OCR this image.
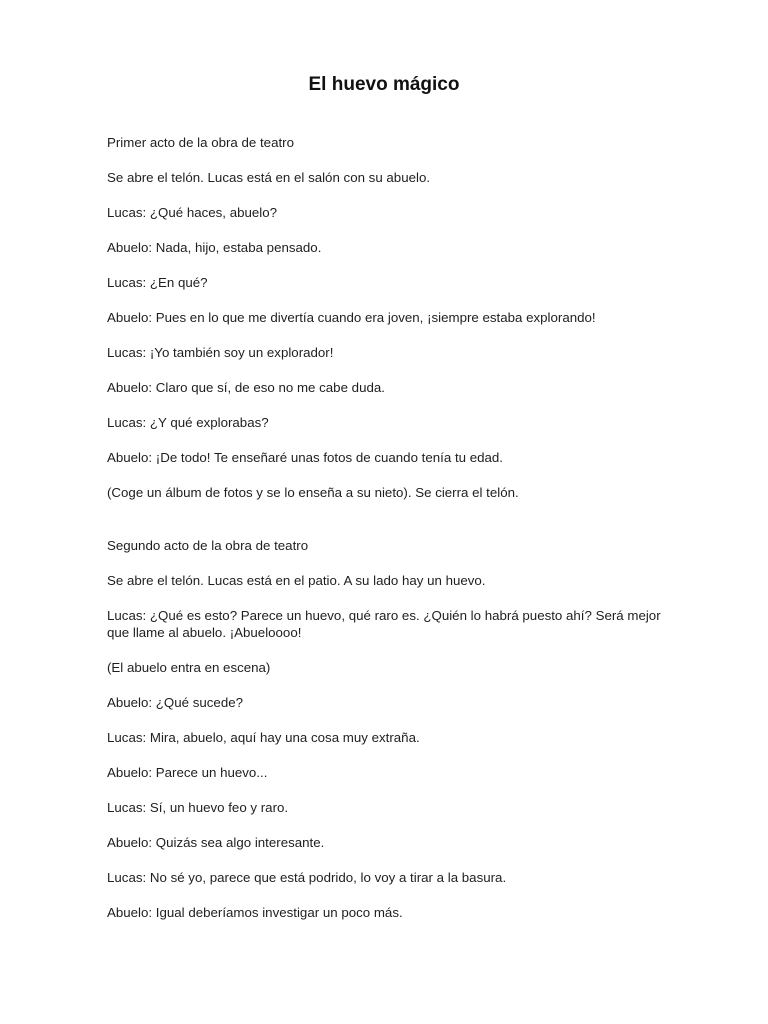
El huevo mágico

Primer acto de la obra de teatro

Se abre el telón. Lucas está en el salón con su abuelo.

Lucas: ¿Qué haces, abuelo?

Abuelo: Nada, hijo, estaba pensado.

Lucas: ¿En qué?

Abuelo: Pues en lo que me divertía cuando era joven, ¡siempre estaba explorando!

Lucas: ¡Yo también soy un explorador!

Abuelo: Claro que sí, de eso no me cabe duda.

Lucas: ¿Y qué explorabas?

Abuelo: ¡De todo! Te enseñaré unas fotos de cuando tenía tu edad.

(Coge un álbum de fotos y se lo enseña a su nieto). Se cierra el telón.

Segundo acto de la obra de teatro

Se abre el telón. Lucas está en el patio. A su lado hay un huevo.

Lucas: ¿Qué es esto? Parece un huevo, qué raro es. ¿Quién lo habrá puesto ahí? Será mejor que llame al abuelo. ¡Abueloooo!

(El abuelo entra en escena)

Abuelo: ¿Qué sucede?

Lucas: Mira, abuelo, aquí hay una cosa muy extraña.

Abuelo: Parece un huevo...

Lucas: Sí, un huevo feo y raro.

Abuelo: Quizás sea algo interesante.

Lucas: No sé yo, parece que está podrido, lo voy a tirar a la basura.

Abuelo: Igual deberíamos investigar un poco más.
